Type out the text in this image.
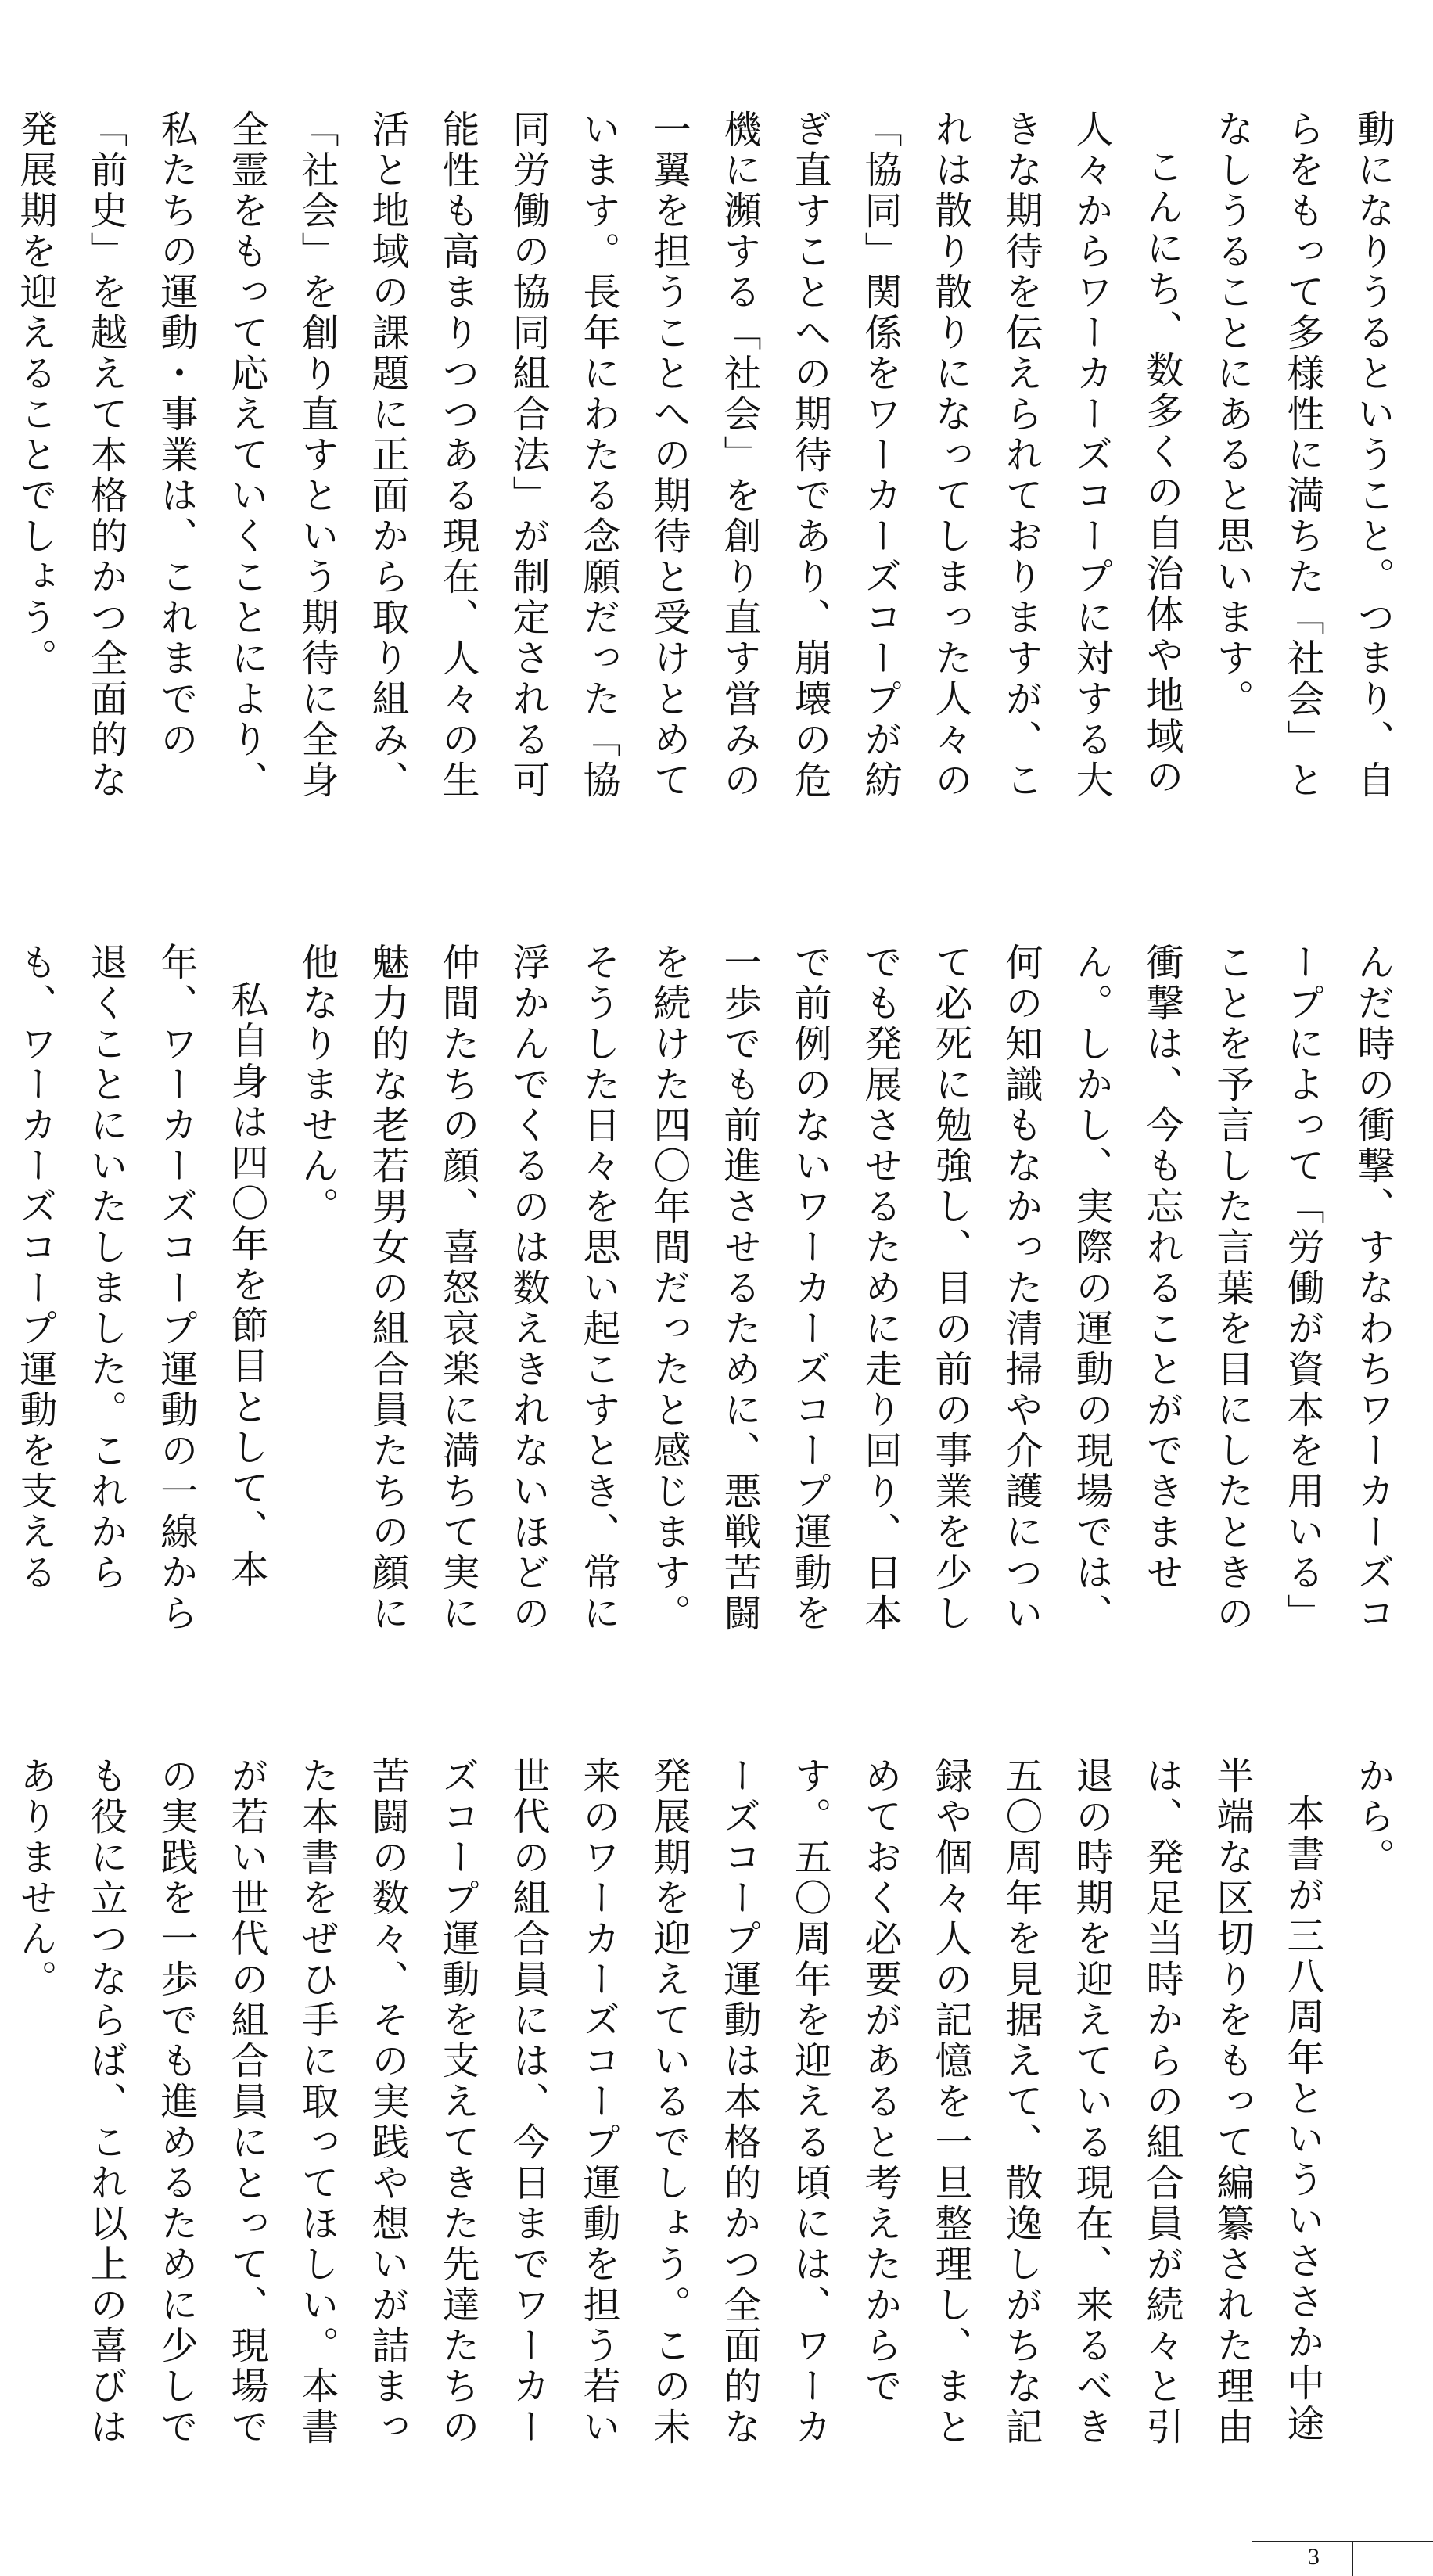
動になりうるということ。つまり、自らをもって多様性に満ちた「社会」となしうることにあると思います。

こんにち、数多くの自治体や地域の人々からワーカーズコープに対する大きな期待を伝えられておりますが、これは散り散りになってしまった人々の「協同」関係をワーカーズコープが紡ぎ直すことへの期待であり、崩壊の危機に瀕する「社会」を創り直す営みの一翼を担うことへの期待と受けとめています。長年にわたる念願だった「協同労働の協同組合法」が制定される可能性も高まりつつある現在、人々の生活と地域の課題に正面から取り組み、「社会」を創り直すという期待に全身全霊をもって応えていくことにより、私たちの運動・事業は、これまでの「前史」を越えて本格的かつ全面的な発展期を迎えることでしょう。

んだ時の衝撃、すなわちワーカーズコープによって「労働が資本を用いる」ことを予言した言葉を目にしたときの衝撃は、今も忘れることができません。しかし、実際の運動の現場では、何の知識もなかった清掃や介護について必死に勉強し、目の前の事業を少しでも発展させるために走り回り、日本で前例のないワーカーズコープ運動を一歩でも前進させるために、悪戦苦闘を続けた四〇年間だったと感じます。そうした日々を思い起こすとき、常に浮かんでくるのは数えきれないほどの仲間たちの顔、喜怒哀楽に満ちて実に魅力的な老若男女の組合員たちの顔に他なりません。

私自身は四〇年を節目として、本年、ワーカーズコープ運動の一線から退くことにいたしました。これからも、ワーカーズコープ運動を支える

から。

本書が三八周年といういささか中途半端な区切りをもって編纂された理由は、発足当時からの組合員が続々と引退の時期を迎えている現在、来るべき五〇周年を見据えて、散逸しがちな記録や個々人の記憶を一旦整理し、まとめておく必要があると考えたからです。五〇周年を迎える頃には、ワーカーズコープ運動は本格的かつ全面的な発展期を迎えているでしょう。この未来のワーカーズコープ運動を担う若い世代の組合員には、今日までワーカーズコープ運動を支えてきた先達たちの苦闘の数々、その実践や想いが詰まった本書をぜひ手に取ってほしい。本書が若い世代の組合員にとって、現場での実践を一歩でも進めるために少しでも役に立つならば、これ以上の喜びはありません。

3
